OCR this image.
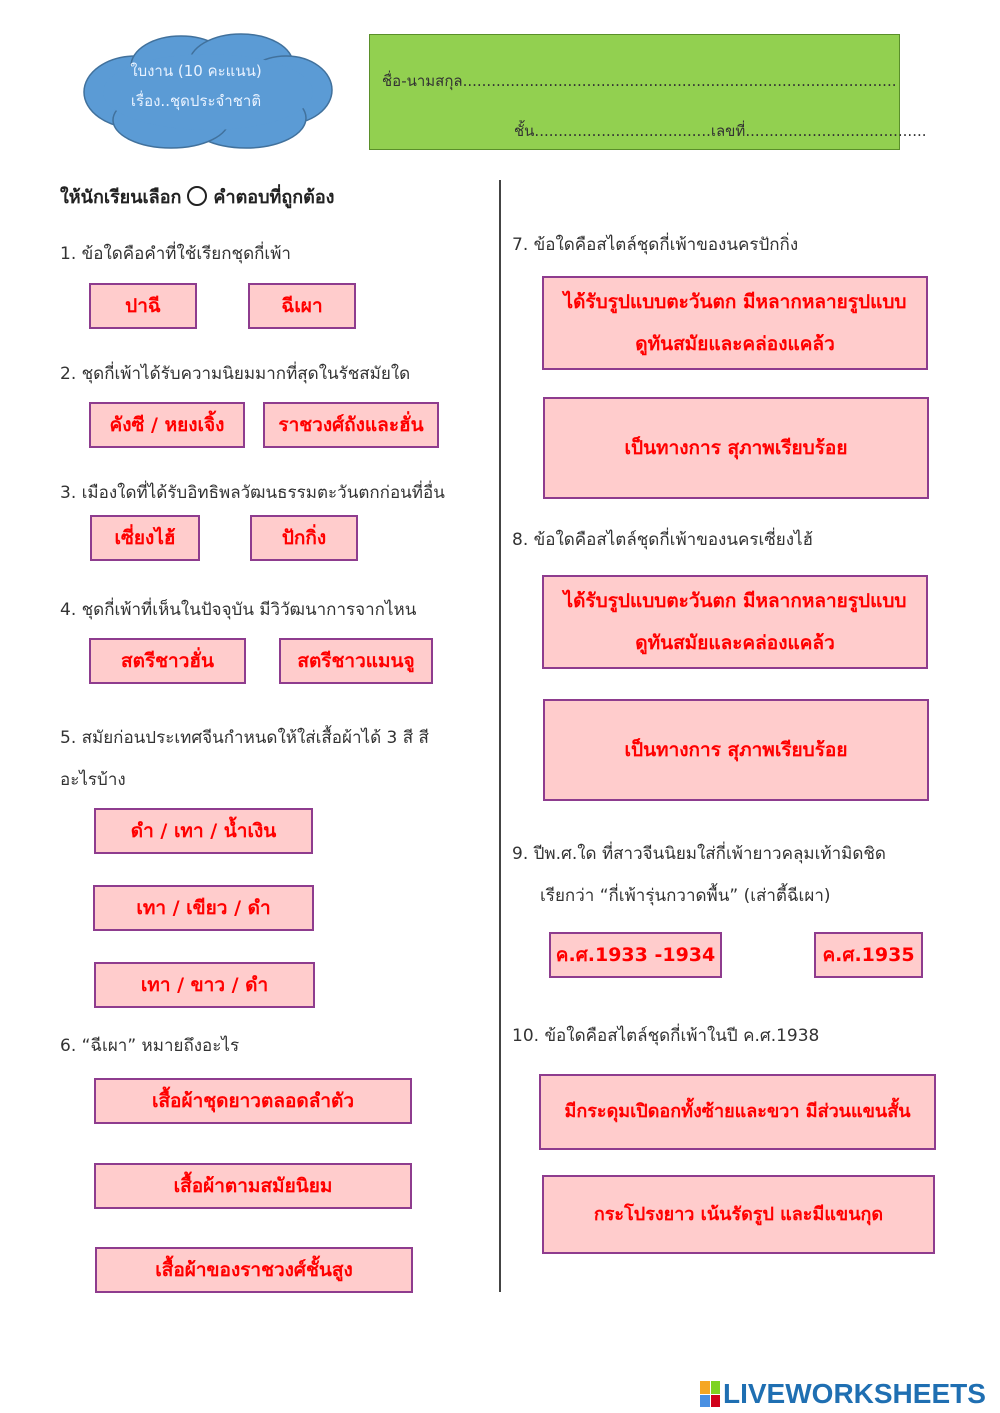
ใบงาน (10 คะแนน)
เรื่อง..ชุดประจำชาติ
ชื่อ-นามสกุล...........................................................................................
ชั้น.....................................เลขที่......................................
ให้นักเรียนเลือก คำตอบที่ถูกต้อง
1. ข้อใดคือคำที่ใช้เรียกชุดกี่เพ้า
ปาฉี	ฉีเผา
2. ชุดกี่เพ้าได้รับความนิยมมากที่สุดในรัชสมัยใด
คังซี / หยงเจิ้ง	ราชวงศ์ถังและฮั่น
3. เมืองใดที่ได้รับอิทธิพลวัฒนธรรมตะวันตกก่อนที่อื่น
เซี่ยงไฮ้	ปักกิ่ง
4. ชุดกี่เพ้าที่เห็นในปัจจุบัน มีวิวัฒนาการจากไหน
สตรีชาวฮั่น	สตรีชาวแมนจู
5. สมัยก่อนประเทศจีนกำหนดให้ใส่เสื้อผ้าได้ 3 สี สี
อะไรบ้าง
ดำ / เทา / น้ำเงิน
เทา / เขียว / ดำ
เทา / ขาว / ดำ
6. “ฉีเผา” หมายถึงอะไร
เสื้อผ้าชุดยาวตลอดลำตัว
เสื้อผ้าตามสมัยนิยม
เสื้อผ้าของราชวงศ์ชั้นสูง
7. ข้อใดคือสไตล์ชุดกี่เพ้าของนครปักกิ่ง
ได้รับรูปแบบตะวันตก มีหลากหลายรูปแบบ
ดูทันสมัยและคล่องแคล้ว
เป็นทางการ สุภาพเรียบร้อย
8. ข้อใดคือสไตล์ชุดกี่เพ้าของนครเซี่ยงไฮ้
ได้รับรูปแบบตะวันตก มีหลากหลายรูปแบบ
ดูทันสมัยและคล่องแคล้ว
เป็นทางการ สุภาพเรียบร้อย
9. ปีพ.ศ.ใด ที่สาวจีนนิยมใส่กี่เพ้ายาวคลุมเท้ามิดชิด
เรียกว่า “กี่เพ้ารุ่นกวาดพื้น” (เส่าตี้ฉีเผา)
ค.ศ.1933 -1934	ค.ศ.1935
10. ข้อใดคือสไตล์ชุดกี่เพ้าในปี ค.ศ.1938
มีกระดุมเปิดอกทั้งซ้ายและขวา มีส่วนแขนสั้น
กระโปรงยาว เน้นรัดรูป และมีแขนกุด
LIVEWORKSHEETS
